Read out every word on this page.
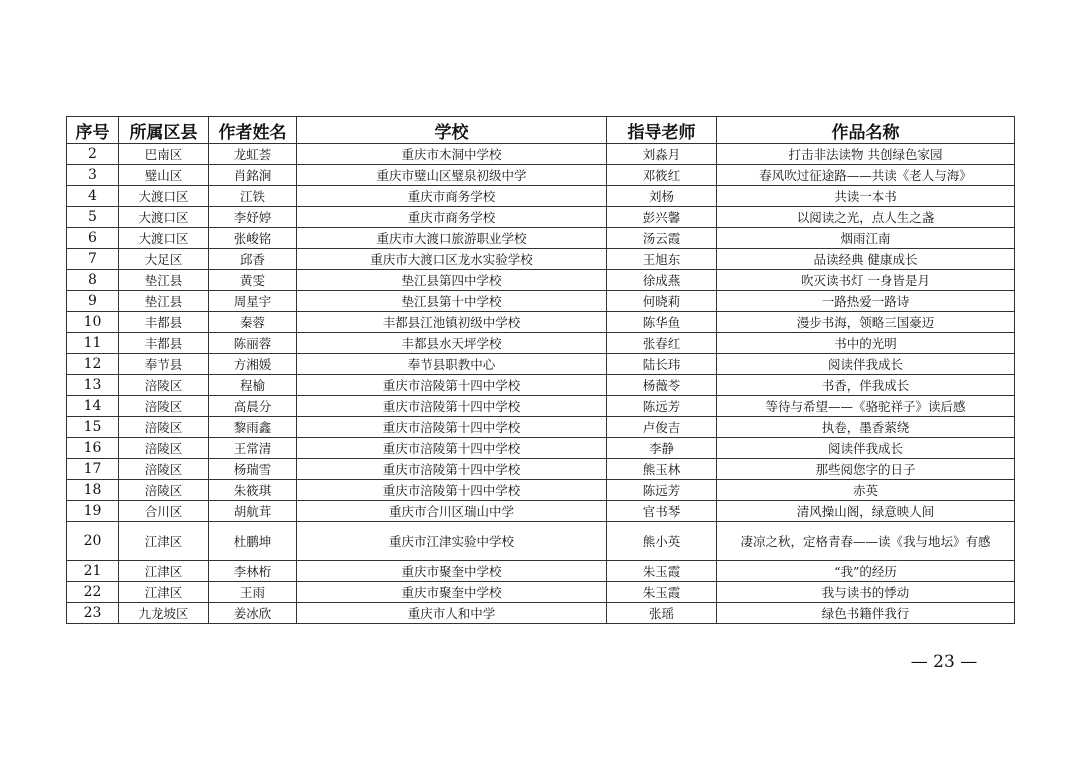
序号	所属区县	作者姓名	学校	指导老师	作品名称
2	巴南区	龙虹荟	重庆市木洞中学校	刘淼月	打击非法读物 共创绿色家园
3	璧山区	肖銘涧	重庆市璧山区璧泉初级中学	邓筱红	春风吹过征途路——共读《老人与海》
4	大渡口区	江铁	重庆市商务学校	刘杨	共读一本书
5	大渡口区	李妤婷	重庆市商务学校	彭兴馨	以阅读之光，点人生之盏
6	大渡口区	张峻铭	重庆市大渡口旅游职业学校	汤云霞	烟雨江南
7	大足区	邱香	重庆市大渡口区龙水实验学校	王旭东	品读经典 健康成长
8	垫江县	黄雯	垫江县第四中学校	徐成燕	吹灭读书灯 一身皆是月
9	垫江县	周星宇	垫江县第十中学校	何晓莉	一路热爱一路诗
10	丰都县	秦蓉	丰都县江池镇初级中学校	陈华鱼	漫步书海，领略三国豪迈
11	丰都县	陈丽蓉	丰都县水天坪学校	张春红	书中的光明
12	奉节县	方湘媛	奉节县职教中心	陆长玮	阅读伴我成长
13	涪陵区	程榆	重庆市涪陵第十四中学校	杨薇苓	书香，伴我成长
14	涪陵区	高晨分	重庆市涪陵第十四中学校	陈远芳	等待与希望——《骆驼祥子》读后感
15	涪陵区	黎雨鑫	重庆市涪陵第十四中学校	卢俊吉	执卷，墨香萦绕
16	涪陵区	王常清	重庆市涪陵第十四中学校	李静	阅读伴我成长
17	涪陵区	杨瑞雪	重庆市涪陵第十四中学校	熊玉林	那些阅您字的日子
18	涪陵区	朱筱琪	重庆市涪陵第十四中学校	陈远芳	赤英
19	合川区	胡航茸	重庆市合川区瑞山中学	官书琴	清风操山阁，绿意映人间
20	江津区	杜鹏坤	重庆市江津实验中学校	熊小英	凄凉之秋，定格青春——读《我与地坛》有感
21	江津区	李林桁	重庆市聚奎中学校	朱玉霞	“我”的经历
22	江津区	王雨	重庆市聚奎中学校	朱玉霞	我与读书的悸动
23	九龙坡区	姜冰欣	重庆市人和中学	张瑶	绿色书籍伴我行
— 23 —
